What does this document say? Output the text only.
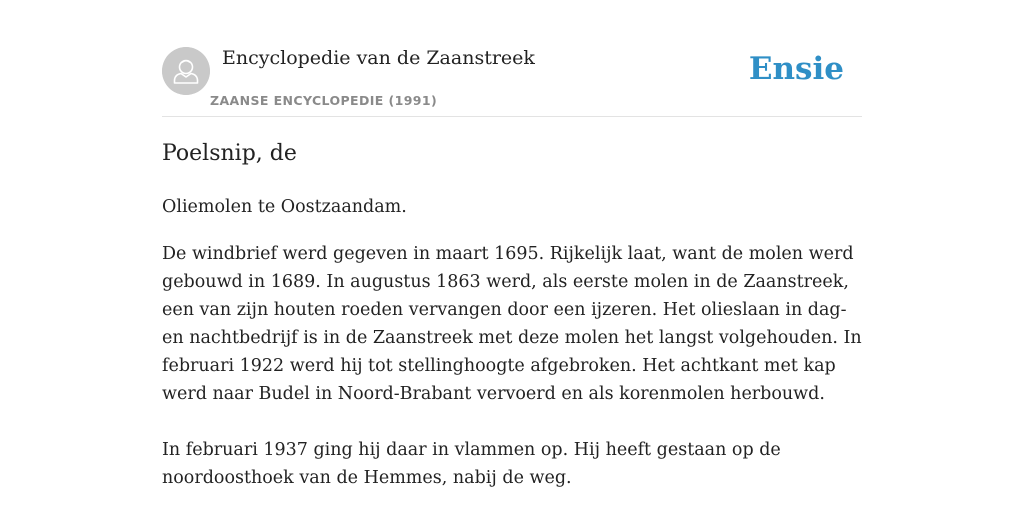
Encyclopedie van de Zaanstreek
ZAANSE ENCYCLOPEDIE (1991)
Ensie
Poelsnip, de

Oliemolen te Oostzaandam.

De windbrief werd gegeven in maart 1695. Rijkelijk laat, want de molen werd gebouwd in 1689. In augustus 1863 werd, als eerste molen in de Zaanstreek, een van zijn houten roeden vervangen door een ijzeren. Het olieslaan in dag- en nachtbedrijf is in de Zaanstreek met deze molen het langst volgehouden. In februari 1922 werd hij tot stellinghoogte afgebroken. Het achtkant met kap werd naar Budel in Noord-Brabant vervoerd en als korenmolen herbouwd.

In februari 1937 ging hij daar in vlammen op. Hij heeft gestaan op de noordoosthoek van de Hemmes, nabij de weg.
